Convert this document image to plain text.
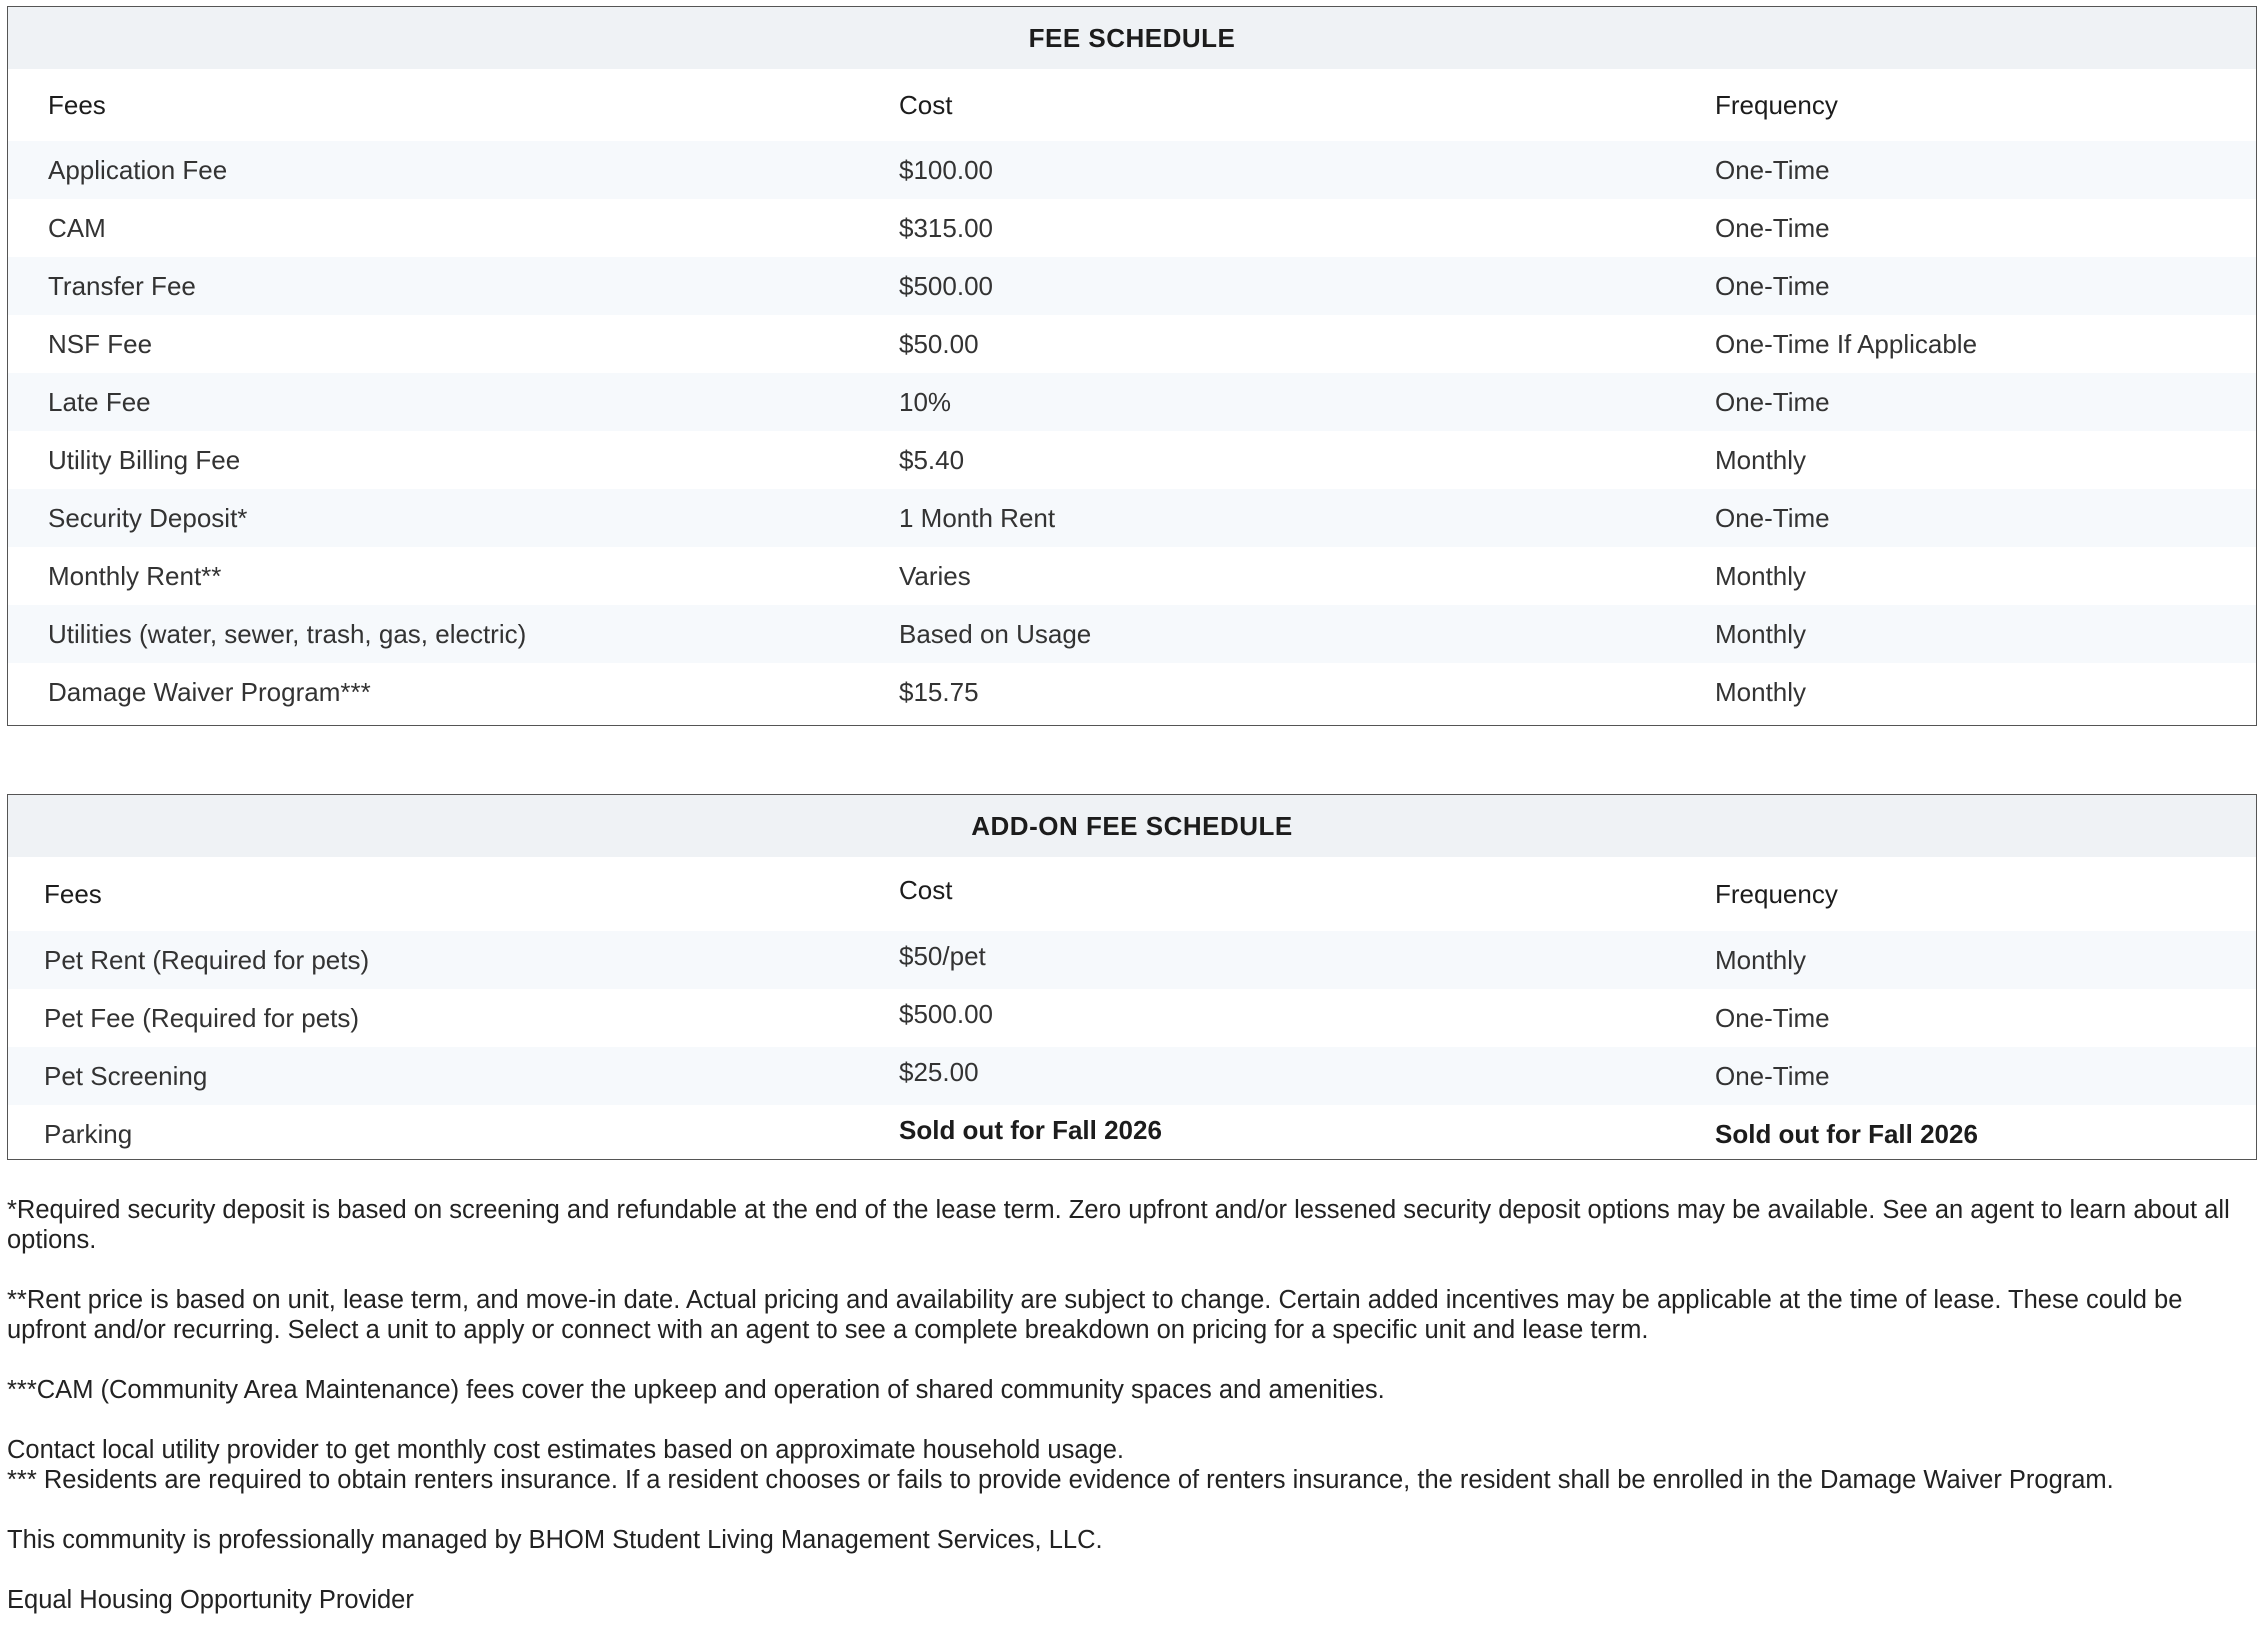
FEE SCHEDULE
Fees	Cost	Frequency
Application Fee	$100.00	One-Time
CAM	$315.00	One-Time
Transfer Fee	$500.00	One-Time
NSF Fee	$50.00	One-Time If Applicable
Late Fee	10%	One-Time
Utility Billing Fee	$5.40	Monthly
Security Deposit*	1 Month Rent	One-Time
Monthly Rent**	Varies	Monthly
Utilities (water, sewer, trash, gas, electric)	Based on Usage	Monthly
Damage Waiver Program***	$15.75	Monthly
ADD-ON FEE SCHEDULE
Fees	Cost	Frequency
Pet Rent (Required for pets)	$50/pet	Monthly
Pet Fee (Required for pets)	$500.00	One-Time
Pet Screening	$25.00	One-Time
Parking	Sold out for Fall 2026	Sold out for Fall 2026

*Required security deposit is based on screening and refundable at the end of the lease term. Zero upfront and/or lessened security deposit options may be available. See an agent to learn about all options.

**Rent price is based on unit, lease term, and move-in date. Actual pricing and availability are subject to change. Certain added incentives may be applicable at the time of lease. These could be upfront and/or recurring. Select a unit to apply or connect with an agent to see a complete breakdown on pricing for a specific unit and lease term.

***CAM (Community Area Maintenance) fees cover the upkeep and operation of shared community spaces and amenities.

Contact local utility provider to get monthly cost estimates based on approximate household usage.

*** Residents are required to obtain renters insurance. If a resident chooses or fails to provide evidence of renters insurance, the resident shall be enrolled in the Damage Waiver Program.

This community is professionally managed by BHOM Student Living Management Services, LLC.

Equal Housing Opportunity Provider
